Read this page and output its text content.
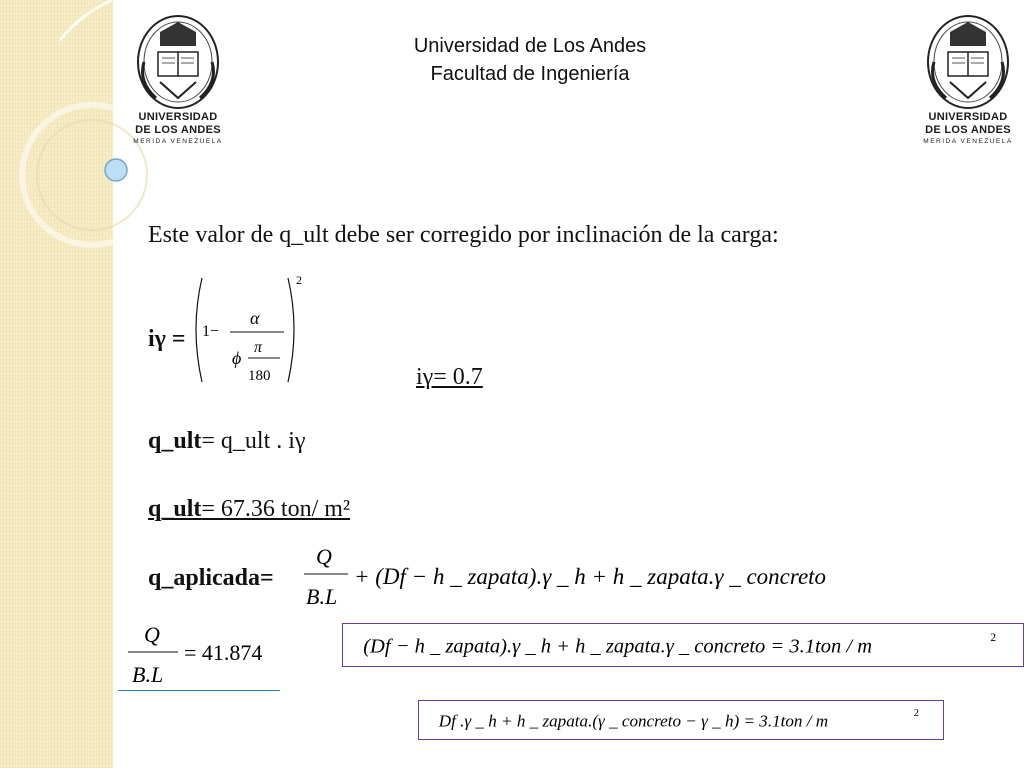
UNIVERSIDAD
DE LOS ANDES
MERIDA VENEZUELA
UNIVERSIDAD
DE LOS ANDES
MERIDA VENEZUELA
Universidad de Los Andes
Facultad de Ingeniería
Este valor de q_ult debe ser corregido por inclinación de la carga:
iγ =
2
1−
α
ϕ
π
180	iγ= 0.7
q_ult= q_ult . iγ
q_ult= 67.36 ton/ m²
q_aplicada=
Q
B.L
+ (Df − h _ zapata).γ _ h + h _ zapata.γ _ concreto
Q
B.L
= 41.874	(Df − h _ zapata).γ _ h + h _ zapata.γ _ concreto = 3.1ton / m	2
Df .γ _ h + h _ zapata.(γ _ concreto − γ _ h) = 3.1ton / m	2
